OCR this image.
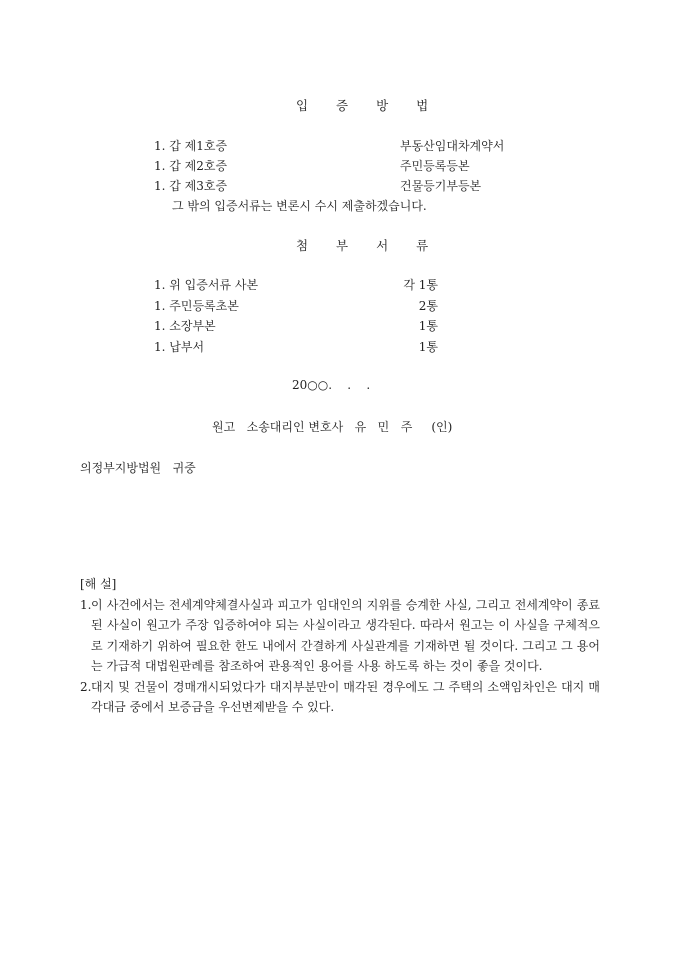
입 증 방 법
1. 갑 제1호증	부동산임대차계약서
1. 갑 제2호증	주민등록등본
1. 갑 제3호증	건물등기부등본
그 밖의 입증서류는 변론시 수시 제출하겠습니다.
첨 부 서 류
1. 위 입증서류 사본	각 1통
1. 주민등록초본	2통
1. 소장부본	1통
1. 납부서	1통
20○○.    .    .
원고   소송대리인 변호사   유   민   주     (인)
의정부지방법원   귀중
[해 설]
1. 이 사건에서는 전세계약체결사실과 피고가 임대인의 지위를 승계한 사실, 그리고 전세계약이 종료된 사실이 원고가 주장 입증하여야 되는 사실이라고 생각된다. 따라서 원고는 이 사실을 구체적으로 기재하기 위하여 필요한 한도 내에서 간결하게 사실관계를 기재하면 될 것이다. 그리고 그 용어는 가급적 대법원판례를 참조하여 관용적인 용어를 사용 하도록 하는 것이 좋을 것이다.
2. 대지 및 건물이 경매개시되었다가 대지부분만이 매각된 경우에도 그 주택의 소액임차인은 대지 매각대금 중에서 보증금을 우선변제받을 수 있다.
